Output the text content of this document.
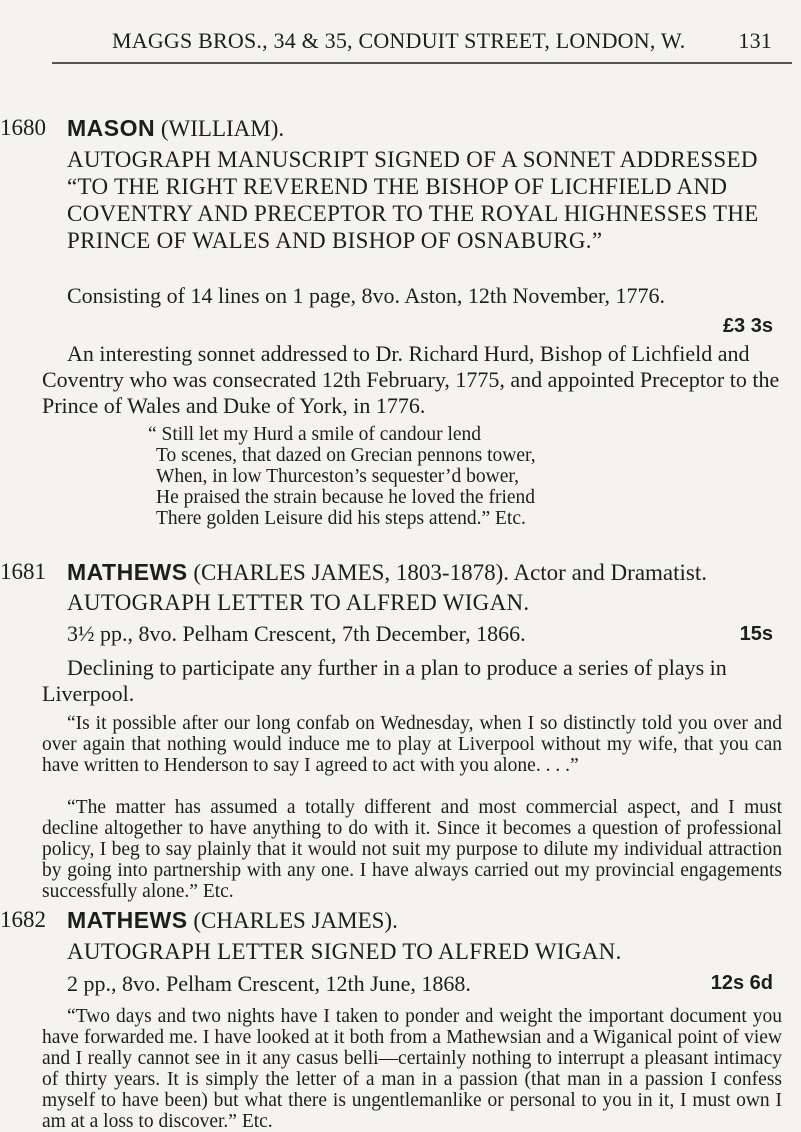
MAGGS BROS., 34 & 35, CONDUIT STREET, LONDON, W. 131
1680 MASON (WILLIAM).
AUTOGRAPH MANUSCRIPT SIGNED OF A SONNET ADDRESSED “TO THE RIGHT REVEREND THE BISHOP OF LICHFIELD AND COVENTRY AND PRECEPTOR TO THE ROYAL HIGHNESSES THE PRINCE OF WALES AND BISHOP OF OSNABURG.”
Consisting of 14 lines on 1 page, 8vo. Aston, 12th November, 1776.
£3 3s
An interesting sonnet addressed to Dr. Richard Hurd, Bishop of Lichfield and Coventry who was consecrated 12th February, 1775, and appointed Preceptor to the Prince of Wales and Duke of York, in 1776.
“ Still let my Hurd a smile of candour lend
To scenes, that dazed on Grecian pennons tower,
When, in low Thurceston’s sequester’d bower,
He praised the strain because he loved the friend
There golden Leisure did his steps attend.” Etc.
1681 MATHEWS (CHARLES JAMES, 1803-1878). Actor and Dramatist.
AUTOGRAPH LETTER TO ALFRED WIGAN.
3½ pp., 8vo. Pelham Crescent, 7th December, 1866.	15s
Declining to participate any further in a plan to produce a series of plays in Liverpool.
“Is it possible after our long confab on Wednesday, when I so distinctly told you over and over again that nothing would induce me to play at Liverpool without my wife, that you can have written to Henderson to say I agreed to act with you alone. . . .”
“The matter has assumed a totally different and most commercial aspect, and I must decline altogether to have anything to do with it. Since it becomes a question of professional policy, I beg to say plainly that it would not suit my purpose to dilute my individual attraction by going into partnership with any one. I have always carried out my provincial engagements successfully alone.” Etc.
1682 MATHEWS (CHARLES JAMES).
AUTOGRAPH LETTER SIGNED TO ALFRED WIGAN.
2 pp., 8vo. Pelham Crescent, 12th June, 1868.	12s 6d
“Two days and two nights have I taken to ponder and weight the important document you have forwarded me. I have looked at it both from a Mathewsian and a Wiganical point of view and I really cannot see in it any casus belli—certainly nothing to interrupt a pleasant intimacy of thirty years. It is simply the letter of a man in a passion (that man in a passion I confess myself to have been) but what there is ungentlemanlike or personal to you in it, I must own I am at a loss to discover.” Etc.
